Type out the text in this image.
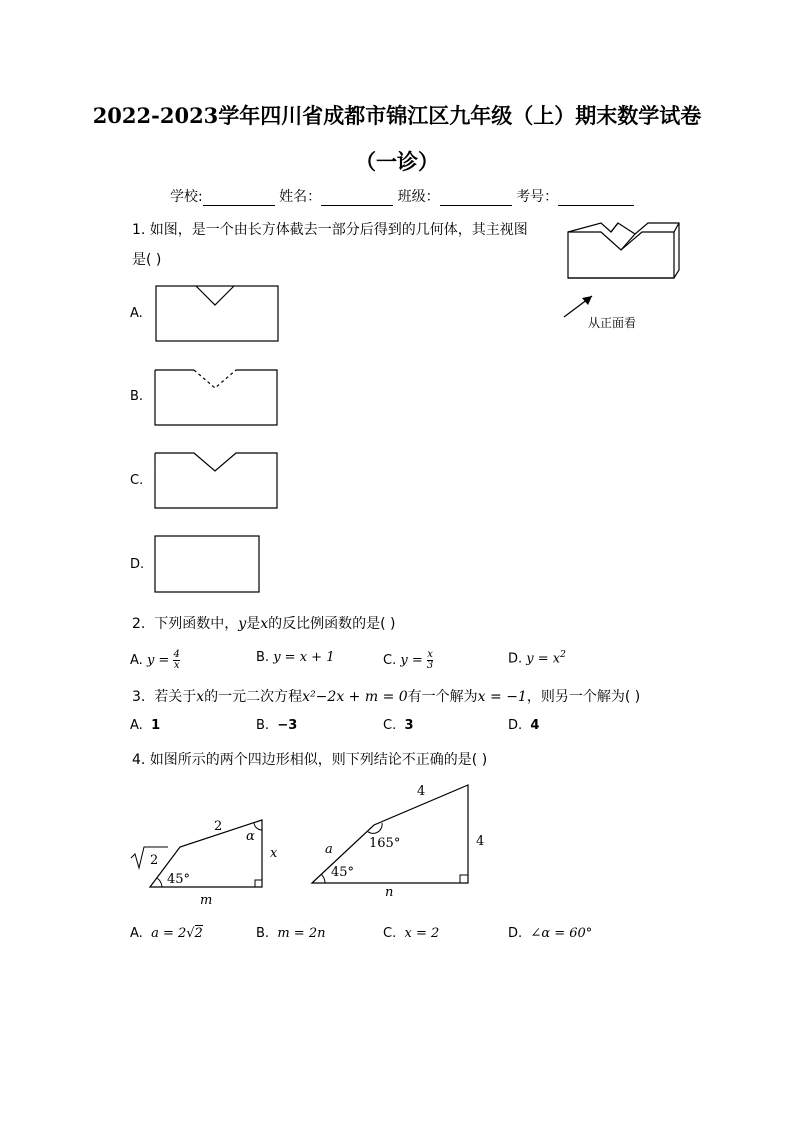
2022-2023学年四川省成都市锦江区九年级（上）期末数学试卷
（一诊）
学校:	姓名：	班级：	考号：
1. 如图，是一个由长方体截去一部分后得到的几何体，其主视图
是( )
从正面看
A.
B.
C.
D.
2. 下列函数中，y是x的反比例函数的是( )
A. $y = \frac{4}{x}$	B. y = x + 1	C. $y = \frac{x}{3}$	D. $y = x^2$
3. 若关于x的一元二次方程x²−2x + m = 0有一个解为x = −1，则另一个解为( )
A. 1	B. −3	C. 3	D. 4
4. 如图所示的两个四边形相似，则下列结论不正确的是( )
2
2
α
x
45°
m
4
4
a	165°
45°
n
A. a = 2√2	B. m = 2n	C. x = 2	D. ∠α = 60°
